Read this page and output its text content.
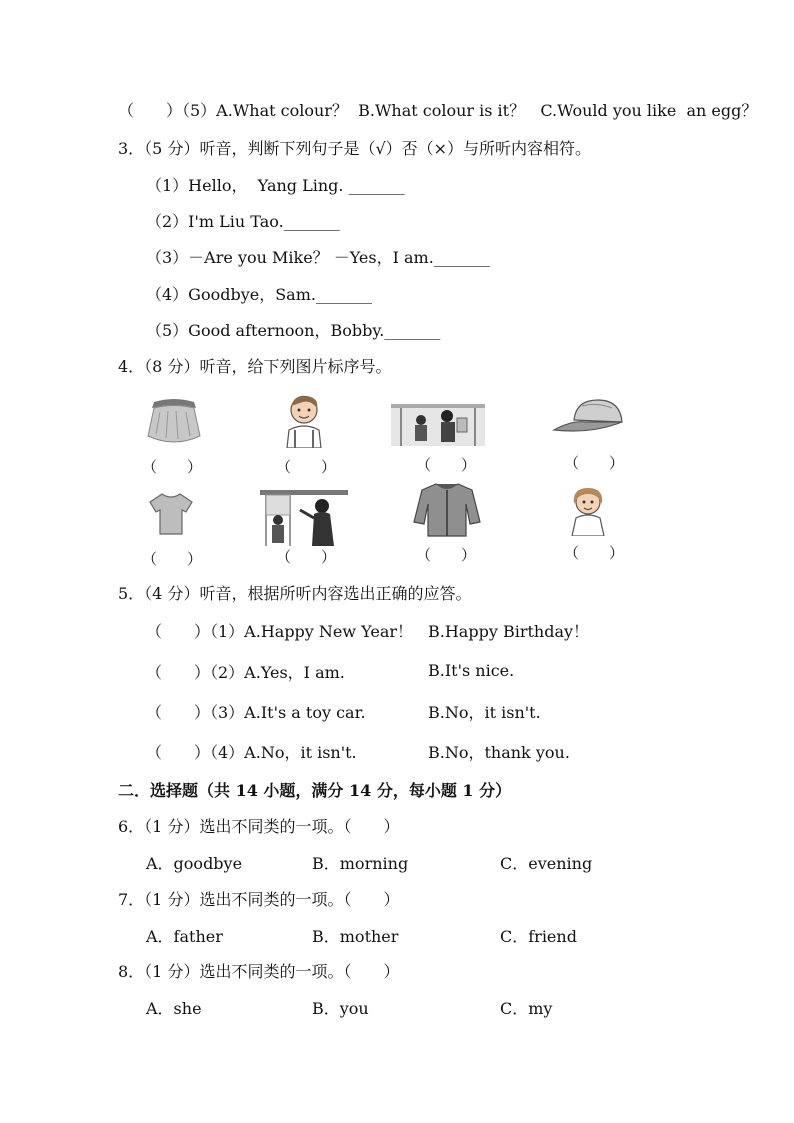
（　　）（5）A.What colour？  B.What colour is it？   C.Would you like  an egg？
3．（5 分）听音，判断下列句子是（√）否（×）与所听内容相符。
（1）Hello，  Yang Ling. _______
（2）I'm Liu Tao._______
（3）－Are you Mike？ －Yes，I am._______
（4）Goodbye，Sam._______
（5）Good afternoon，Bobby._______
4．（8 分）听音，给下列图片标序号。
（　　）	（　　）	（　　）	（　　）
（　　）	（　　）	（　　）	（　　）
5．（4 分）听音，根据所听内容选出正确的应答。
（　　）（1）A.Happy New Year！ B.Happy Birthday！
（　　）（2）A.Yes，I am.	B.It's nice.
（　　）（3）A.It's a toy car.	B.No，it isn't.
（　　）（4）A.No，it isn't.	B.No，thank you.
二．选择题（共 14 小题，满分 14 分，每小题 1 分）
6．（1 分）选出不同类的一项。（　　）
A．goodbye	B．morning	C．evening
7．（1 分）选出不同类的一项。（　　）
A．father	B．mother	C．friend
8．（1 分）选出不同类的一项。（　　）
A．she	B．you	C．my
